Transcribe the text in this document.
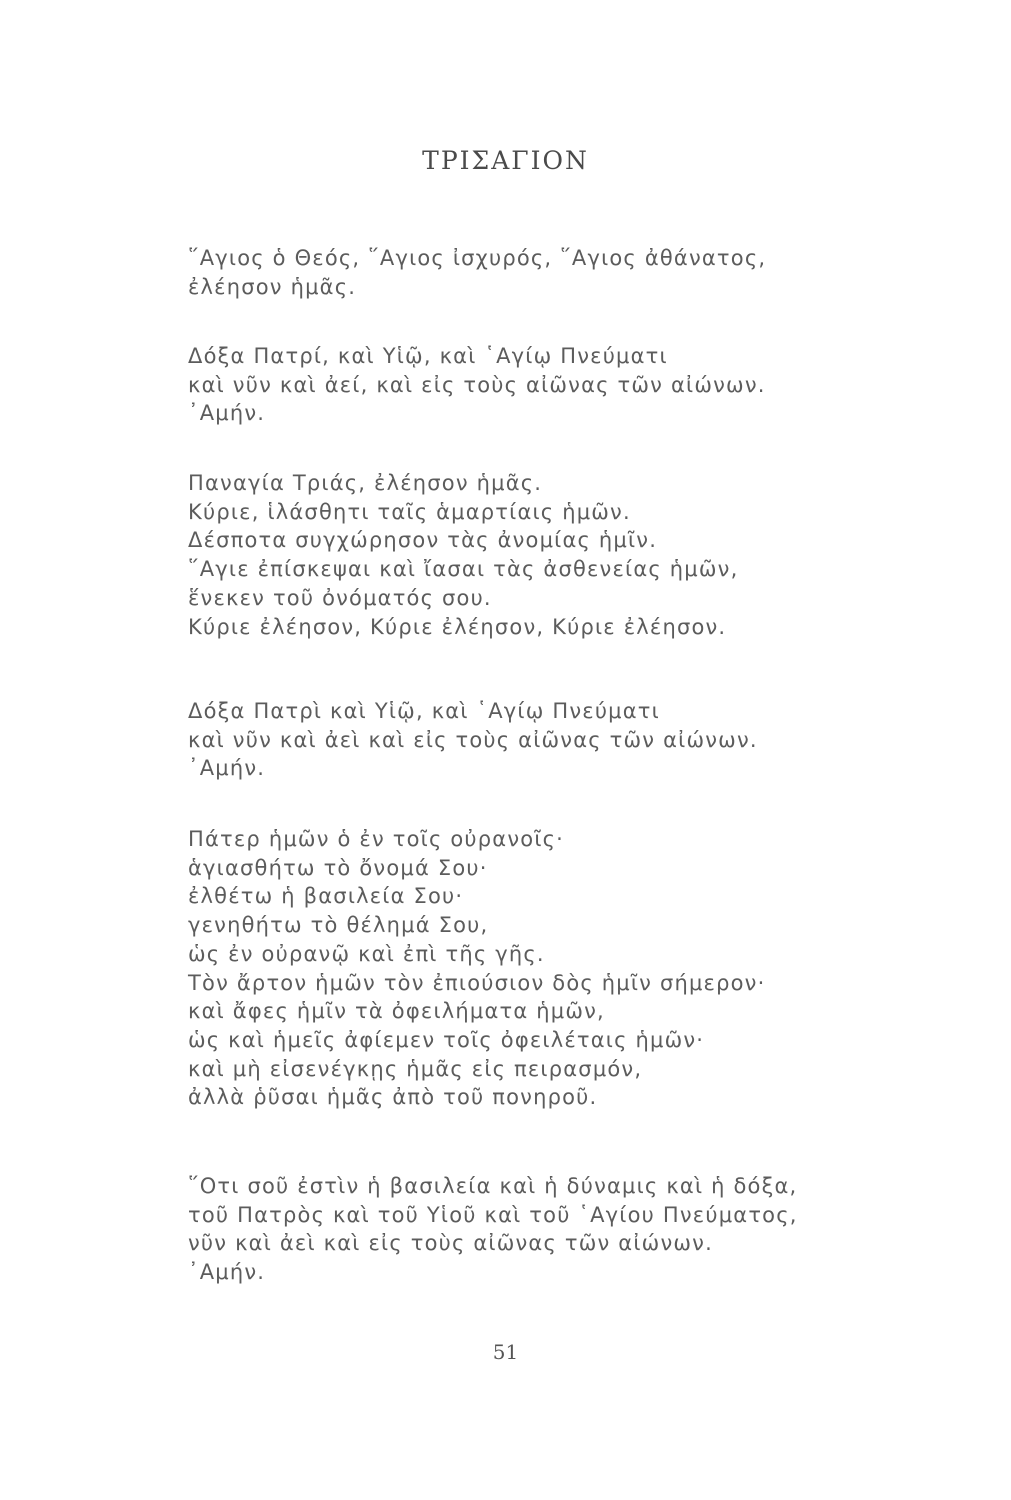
ΤΡΙΣΑΓΙΟΝ
῞Αγιος ὁ Θεός, ῞Αγιος ἰσχυρός, ῞Αγιος ἀθάνατος,
ἐλέησον ἡμᾶς.
Δόξα Πατρί, καὶ Υἱῷ, καὶ ῾Αγίῳ Πνεύματι
καὶ νῦν καὶ ἀεί, καὶ εἰς τοὺς αἰῶνας τῶν αἰώνων.
᾿Αμήν.
Παναγία Τριάς, ἐλέησον ἡμᾶς.
Κύριε, ἱλάσθητι ταῖς ἁμαρτίαις ἡμῶν.
Δέσποτα συγχώρησον τὰς ἀνομίας ἡμῖν.
῞Αγιε ἐπίσκεψαι καὶ ἴασαι τὰς ἀσθενείας ἡμῶν,
ἕνεκεν τοῦ ὀνόματός σου.
Κύριε ἐλέησον, Κύριε ἐλέησον, Κύριε ἐλέησον.
Δόξα Πατρὶ καὶ Υἱῷ, καὶ ῾Αγίῳ Πνεύματι
καὶ νῦν καὶ ἀεὶ καὶ εἰς τοὺς αἰῶνας τῶν αἰώνων.
᾿Αμήν.
Πάτερ ἡμῶν ὁ ἐν τοῖς οὐρανοῖς·
ἁγιασθήτω τὸ ὄνομά Σου·
ἐλθέτω ἡ βασιλεία Σου·
γενηθήτω τὸ θέλημά Σου,
ὡς ἐν οὐρανῷ καὶ ἐπὶ τῆς γῆς.
Τὸν ἄρτον ἡμῶν τὸν ἐπιούσιον δὸς ἡμῖν σήμερον·
καὶ ἄφες ἡμῖν τὰ ὀφειλήματα ἡμῶν,
ὡς καὶ ἡμεῖς ἀφίεμεν τοῖς ὀφειλέταις ἡμῶν·
καὶ μὴ εἰσενέγκῃς ἡμᾶς εἰς πειρασμόν,
ἀλλὰ ῥῦσαι ἡμᾶς ἀπὸ τοῦ πονηροῦ.
῞Οτι σοῦ ἐστὶν ἡ βασιλεία καὶ ἡ δύναμις καὶ ἡ δόξα,
τοῦ Πατρὸς καὶ τοῦ Υἱοῦ καὶ τοῦ ῾Αγίου Πνεύματος,
νῦν καὶ ἀεὶ καὶ εἰς τοὺς αἰῶνας τῶν αἰώνων.
᾿Αμήν.
51
